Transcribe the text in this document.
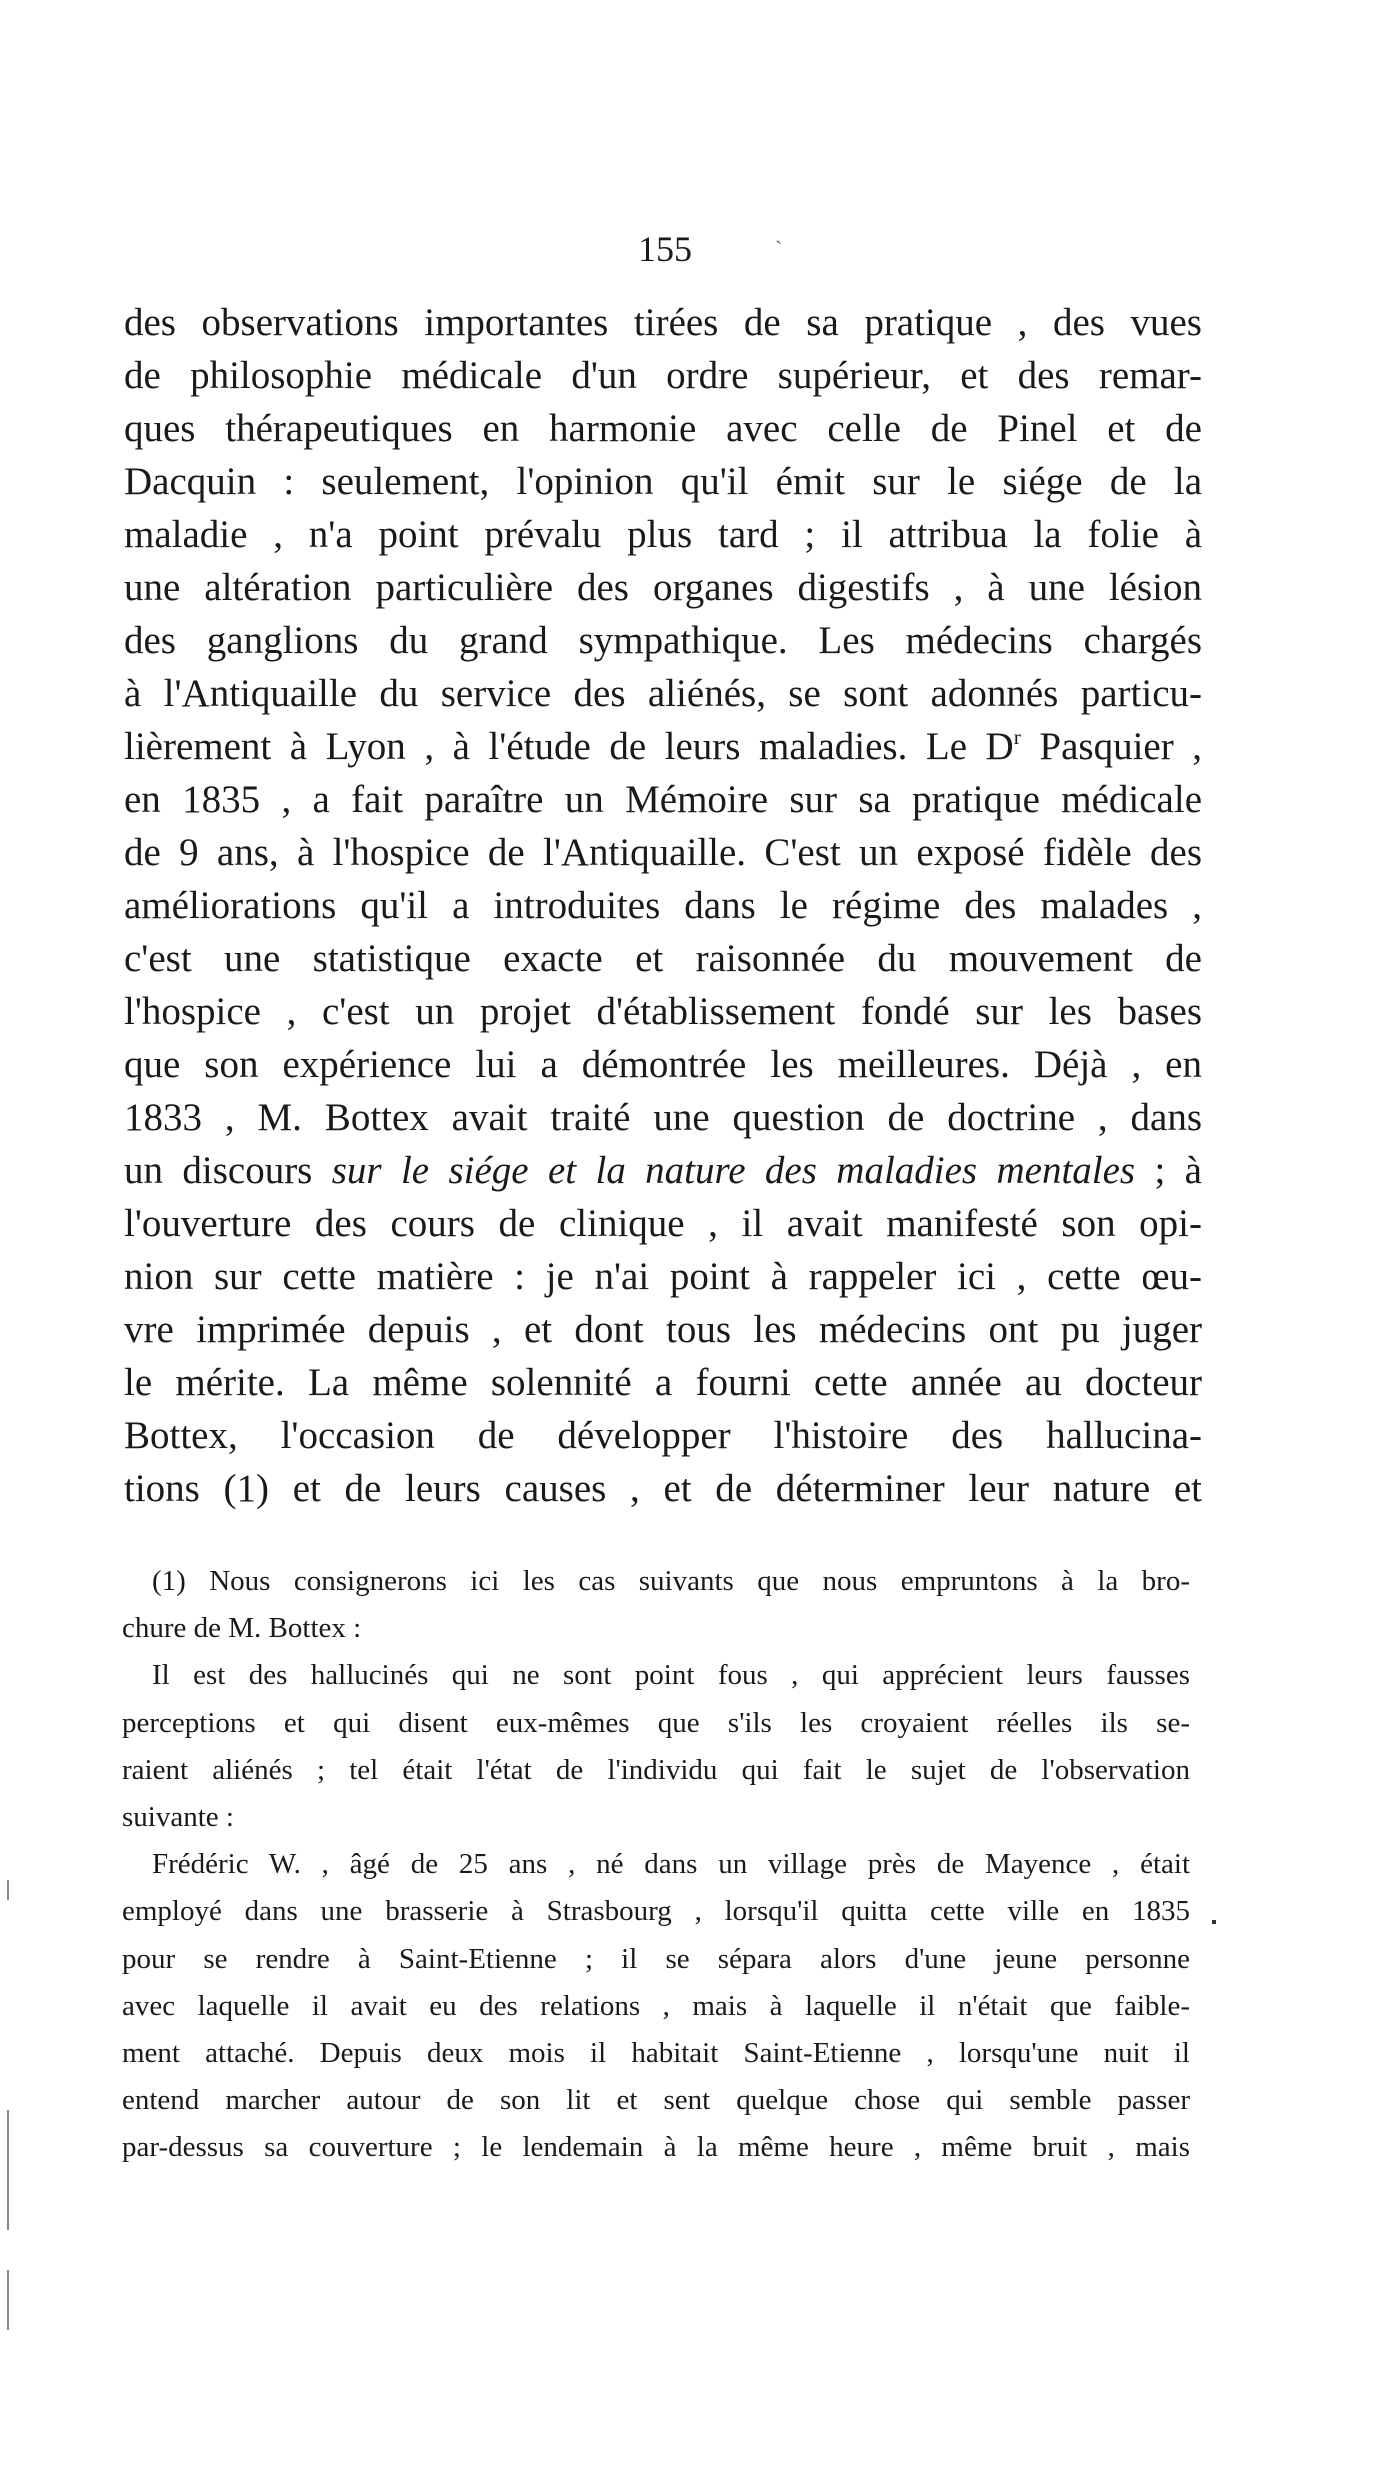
155	`
des observations importantes tirées de sa pratique , des vues
de philosophie médicale d'un ordre supérieur, et des remar-
ques thérapeutiques en harmonie avec celle de Pinel et de
Dacquin : seulement, l'opinion qu'il émit sur le siége de la
maladie , n'a point prévalu plus tard ; il attribua la folie à
une altération particulière des organes digestifs , à une lésion
des ganglions du grand sympathique. Les médecins chargés
à l'Antiquaille du service des aliénés, se sont adonnés particu-
lièrement à Lyon , à l'étude de leurs maladies. Le $D^r$ Pasquier ,
en 1835 , a fait paraître un Mémoire sur sa pratique médicale
de 9 ans, à l'hospice de l'Antiquaille. C'est un exposé fidèle des
améliorations qu'il a introduites dans le régime des malades ,
c'est une statistique exacte et raisonnée du mouvement de
l'hospice , c'est un projet d'établissement fondé sur les bases
que son expérience lui a démontrée les meilleures. Déjà , en
1833 , M. Bottex avait traité une question de doctrine , dans
un discours sur le siége et la nature des maladies mentales ; à
l'ouverture des cours de clinique , il avait manifesté son opi-
nion sur cette matière : je n'ai point à rappeler ici , cette œu-
vre imprimée depuis , et dont tous les médecins ont pu juger
le mérite. La même solennité a fourni cette année au docteur
Bottex, l'occasion de développer l'histoire des hallucina-
tions (1) et de leurs causes , et de déterminer leur nature et
(1) Nous consignerons ici les cas suivants que nous empruntons à la bro-
chure de M. Bottex :
Il est des hallucinés qui ne sont point fous , qui apprécient leurs fausses
perceptions et qui disent eux-mêmes que s'ils les croyaient réelles ils se-
raient aliénés ; tel était l'état de l'individu qui fait le sujet de l'observation
suivante :
Frédéric W. , âgé de 25 ans , né dans un village près de Mayence , était
employé dans une brasserie à Strasbourg , lorsqu'il quitta cette ville en 1835
pour se rendre à Saint-Etienne ; il se sépara alors d'une jeune personne
avec laquelle il avait eu des relations , mais à laquelle il n'était que faible-
ment attaché. Depuis deux mois il habitait Saint-Etienne , lorsqu'une nuit il
entend marcher autour de son lit et sent quelque chose qui semble passer
par-dessus sa couverture ; le lendemain à la même heure , même bruit , mais
